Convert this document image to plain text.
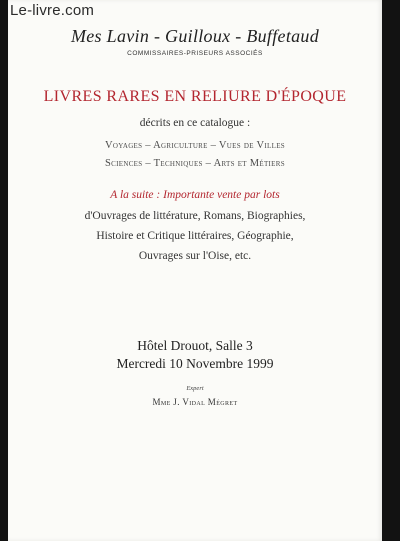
Le-livre.com
Mes Lavin - Guilloux - Buffetaud
COMMISSAIRES-PRISEURS ASSOCIÉS
LIVRES RARES EN RELIURE D'ÉPOQUE
décrits en ce catalogue :
Voyages – Agriculture – Vues de Villes
Sciences – Techniques – Arts et Métiers
A la suite : Importante vente par lots
d'Ouvrages de littérature, Romans, Biographies,
Histoire et Critique littéraires, Géographie,
Ouvrages sur l'Oise, etc.
Hôtel Drouot, Salle 3
Mercredi 10 Novembre 1999
Expert
Mme J. Vidal Mégret
